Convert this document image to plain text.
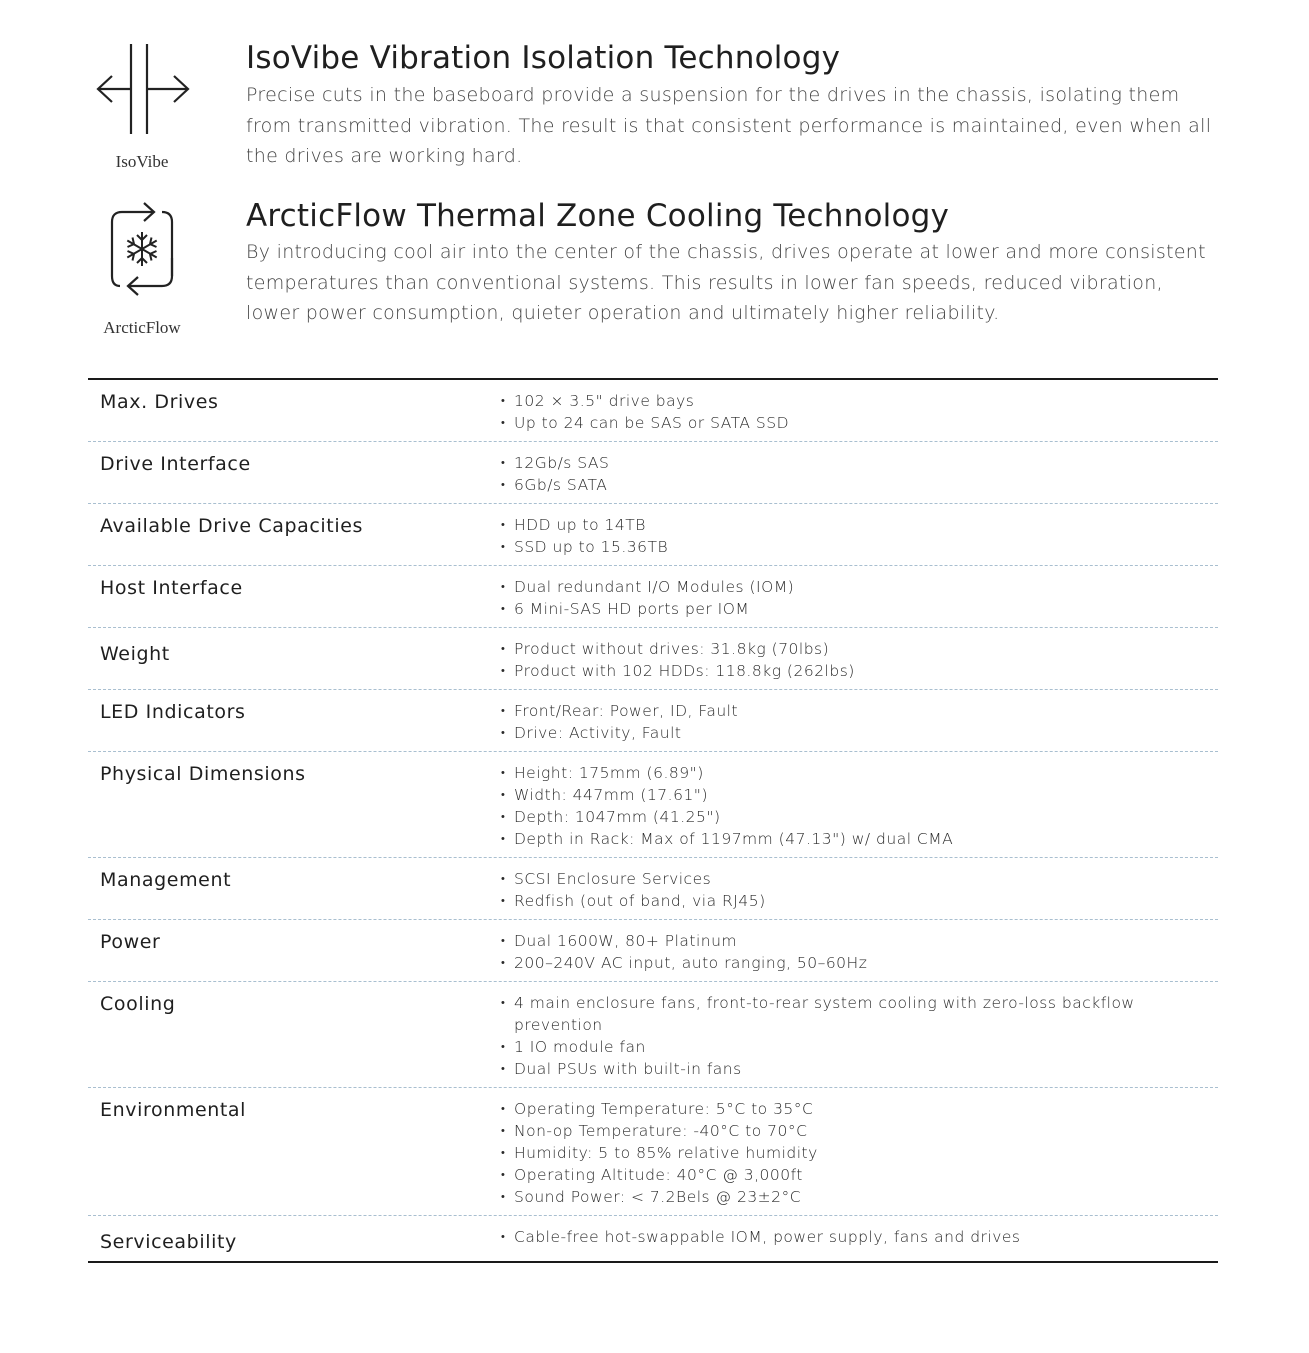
IsoVibe
IsoVibe Vibration Isolation Technology

Precise cuts in the baseboard provide a suspension for the drives in the chassis, isolating them from transmitted vibration. The result is that consistent performance is maintained, even when all the drives are working hard.

ArcticFlow
ArcticFlow Thermal Zone Cooling Technology

By introducing cool air into the center of the chassis, drives operate at lower and more consistent temperatures than conventional systems. This results in lower fan speeds, reduced vibration, lower power consumption, quieter operation and ultimately higher reliability.

Max. Drives	• 102 × 3.5" drive bays
• Up to 24 can be SAS or SATA SSD
Drive Interface	• 12Gb/s SAS
• 6Gb/s SATA
Available Drive Capacities	• HDD up to 14TB
• SSD up to 15.36TB
Host Interface	• Dual redundant I/O Modules (IOM)
• 6 Mini-SAS HD ports per IOM
Weight	• Product without drives: 31.8kg (70lbs)
• Product with 102 HDDs: 118.8kg (262lbs)
LED Indicators	• Front/Rear: Power, ID, Fault
• Drive: Activity, Fault
Physical Dimensions	• Height: 175mm (6.89")
• Width: 447mm (17.61")
• Depth: 1047mm (41.25")
• Depth in Rack: Max of 1197mm (47.13") w/ dual CMA
Management	• SCSI Enclosure Services
• Redfish (out of band, via RJ45)
Power	• Dual 1600W, 80+ Platinum
• 200–240V AC input, auto ranging, 50–60Hz
Cooling	• 4 main enclosure fans, front-to-rear system cooling with zero-loss backflow prevention
• 1 IO module fan
• Dual PSUs with built-in fans
Environmental	• Operating Temperature: 5°C to 35°C
• Non-op Temperature: -40°C to 70°C
• Humidity: 5 to 85% relative humidity
• Operating Altitude: 40°C @ 3,000ft
• Sound Power: < 7.2Bels @ 23±2°C
Serviceability	• Cable-free hot-swappable IOM, power supply, fans and drives
